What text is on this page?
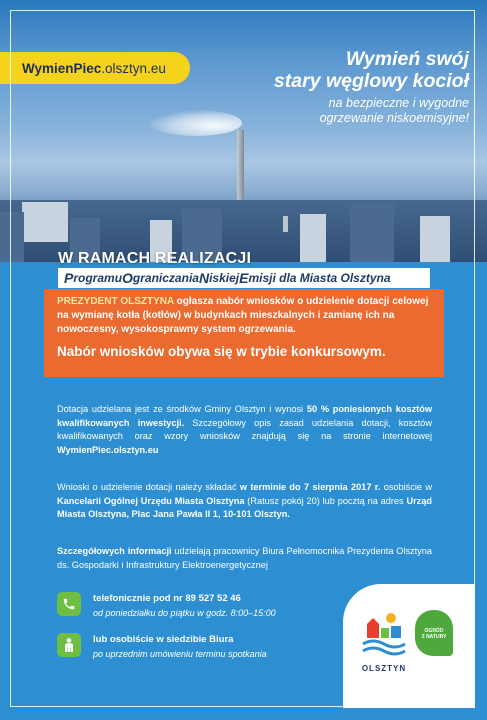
WymienPiec .olsztyn.eu	Wymień swój
stary węglowy kocioł
na bezpieczne i wygodne
ogrzewanie niskoemisyjne!
W RAMACH REALIZACJI
P rogramu O graniczania N iskiej E misji dla Miasta Olsztyna

PREZYDENT OLSZTYNA ogłasza nabór wniosków o udzielenie dotacji celowej na wymianę kotła (kotłów) w budynkach mieszkalnych i zamianę ich na nowoczesny, wysokosprawny system ogrzewania.

Nabór wniosków obywa się w trybie konkursowym.

Dotacja udzielana jest ze środków Gminy Olsztyn i wynosi 50 % poniesionych kosztów kwalifikowanych inwestycji. Szczegółowy opis zasad udzielania dotacji, kosztów kwalifikowanych oraz wzory wniosków znajdują się na stronie internetowej WymienPiec.olsztyn.eu
Wnioski o udzielenie dotacji należy składać w terminie do 7 sierpnia 2017 r. osobiście w Kancelarii Ogólnej Urzędu Miasta Olsztyna (Ratusz pokój 20) lub pocztą na adres Urząd Miasta Olsztyna, Plac Jana Pawła II 1, 10-101 Olsztyn.
Szczegółowych informacji udzielają pracownicy Biura Pełnomocnika Prezydenta Olsztyna ds. Gospodarki i Infrastruktury Elektroenergetycznej
telefonicznie pod nr 89 527 52 46
od poniedziałku do piątku w godz. 8:00–15:00
lub osobiście w siedzibie Biura
po uprzednim umówieniu terminu spotkania
OLSZTYN
OGRÓD
Z NATURY
